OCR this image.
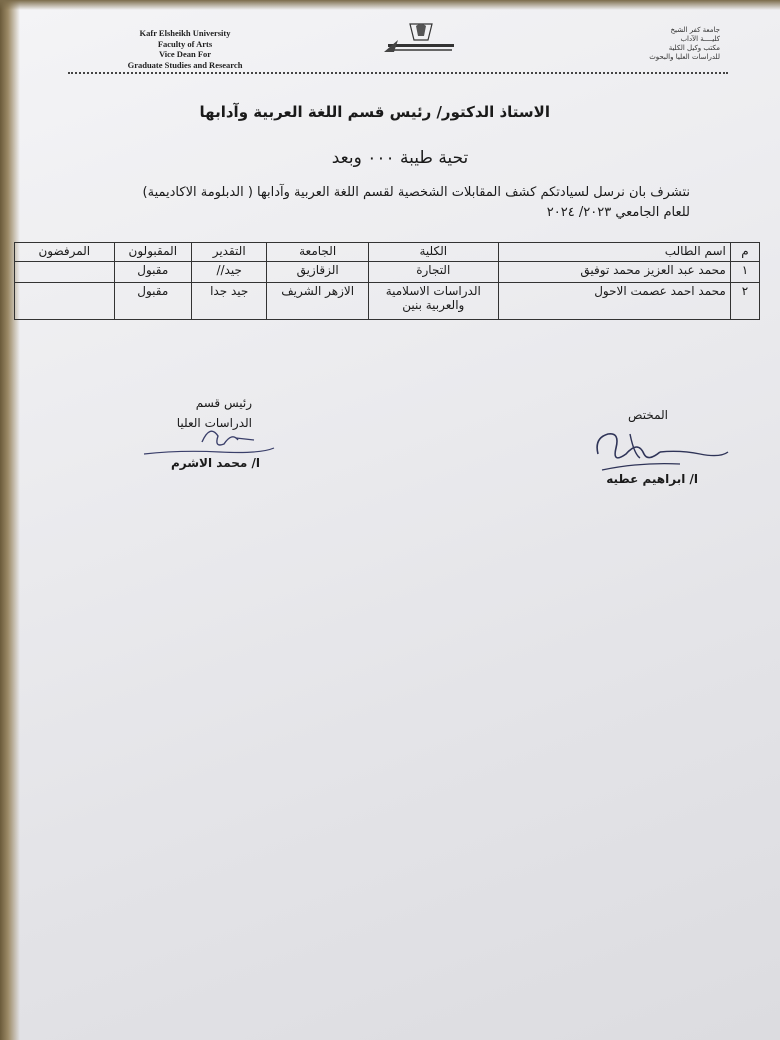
Kafr Elsheikh University
Faculty of Arts
Vice Dean For
Graduate Studies and Research
جامعة كفر الشيخ
كليــــة الآداب
مكتب وكيل الكلية
للدراسات العليا والبحوث
الاستاذ الدكتور/ رئيس قسم اللغة العربية وآدابها
تحية طيبة ٠٠٠ وبعد
نتشرف بان نرسل لسيادتكم كشف المقابلات الشخصية لقسم اللغة العربية وآدابها ( الدبلومة الاكاديمية)
للعام الجامعي ٢٠٢٣/ ٢٠٢٤
م	اسم الطالب	الكلية	الجامعة	التقدير	المقبولون	المرفضون
١	محمد عبد العزيز محمد توفيق	التجارة	الزقازيق	جيد//	مقبول	
٢	محمد احمد عصمت الاحول	الدراسات الاسلامية والعربية بنين	الازهر الشريف	جيد جدا	مقبول	
رئيس قسم
الدراسات العليا
ا/ محمد الاشرم
المختص
ا/ ابراهيم عطيه
